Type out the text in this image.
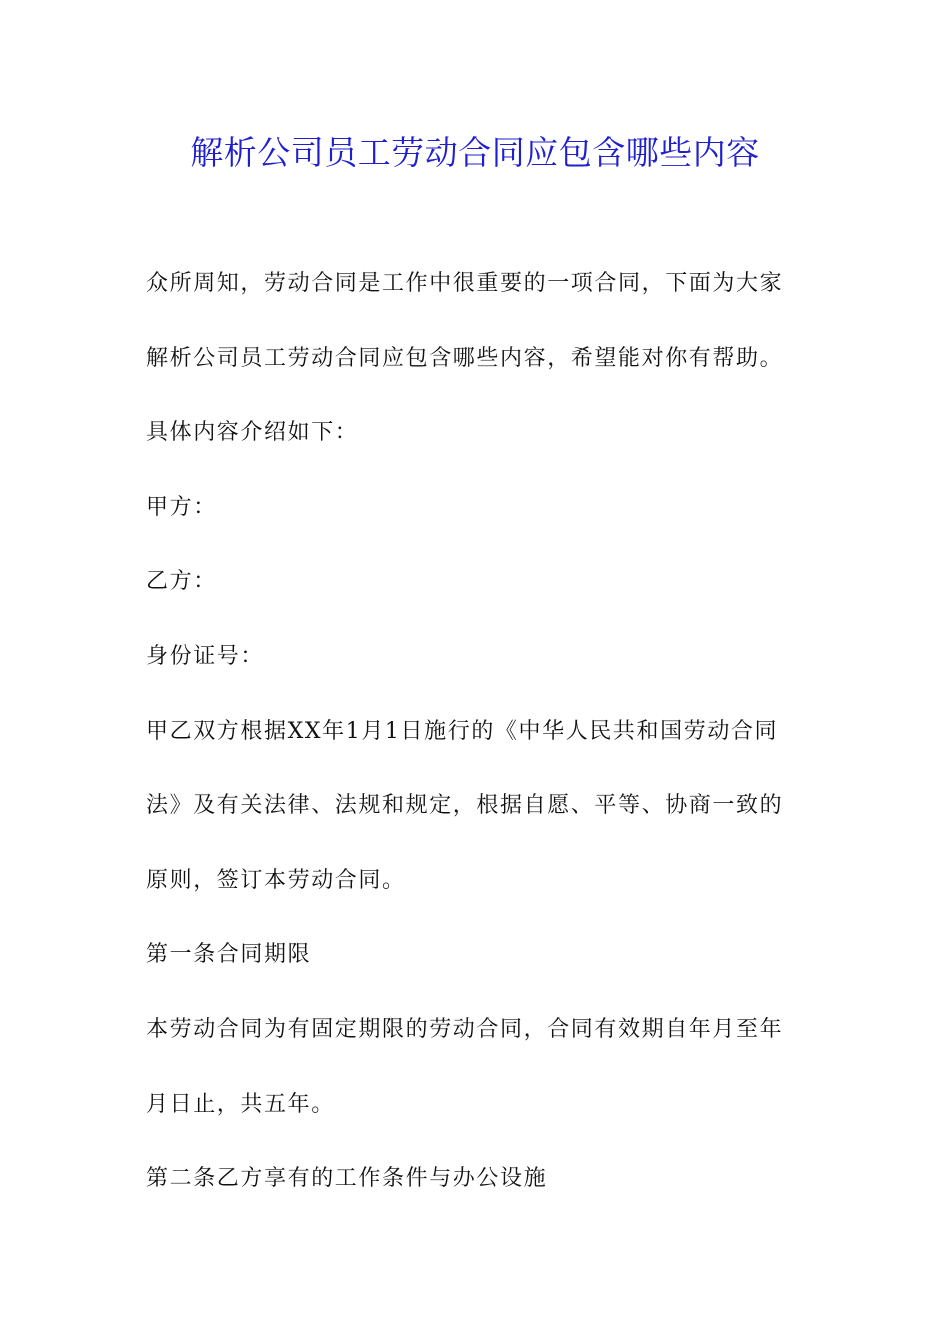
解析公司员工劳动合同应包含哪些内容
众所周知，劳动合同是工作中很重要的一项合同，下面为大家
解析公司员工劳动合同应包含哪些内容，希望能对你有帮助。
具体内容介绍如下：
甲方：
乙方：
身份证号：
甲乙双方根据XX年1月1日施行的《中华人民共和国劳动合同
法》及有关法律、法规和规定，根据自愿、平等、协商一致的
原则，签订本劳动合同。
第一条合同期限
本劳动合同为有固定期限的劳动合同，合同有效期自年月至年
月日止，共五年。
第二条乙方享有的工作条件与办公设施
